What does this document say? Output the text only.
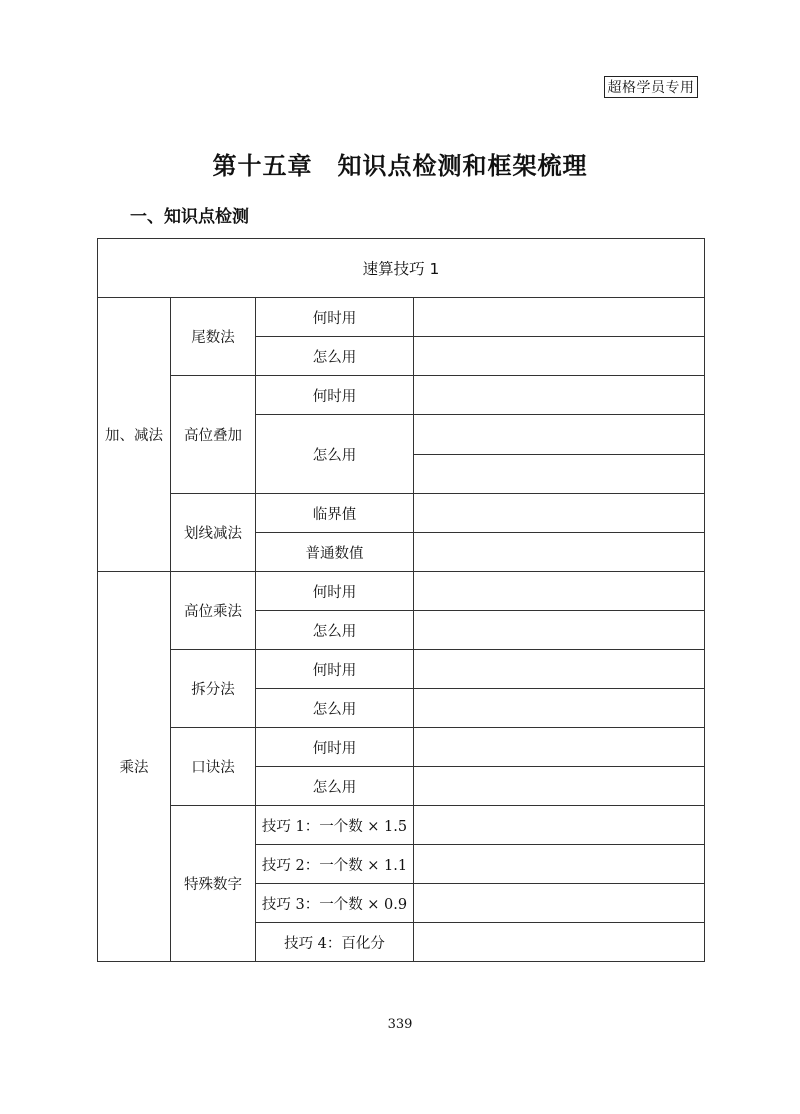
超格学员专用
第十五章　知识点检测和框架梳理
一、知识点检测
速算技巧 1			
加、减法	尾数法	何时用	
		怎么用	
	高位叠加	何时用	
		怎么用	

	划线减法	临界值	
		普通数值	
乘法	高位乘法	何时用	
		怎么用	
	拆分法	何时用	
		怎么用	
	口诀法	何时用	
		怎么用	
	特殊数字	技巧 1：一个数 × 1.5	
		技巧 2：一个数 × 1.1	
		技巧 3：一个数 × 0.9	
		技巧 4：百化分	
339
